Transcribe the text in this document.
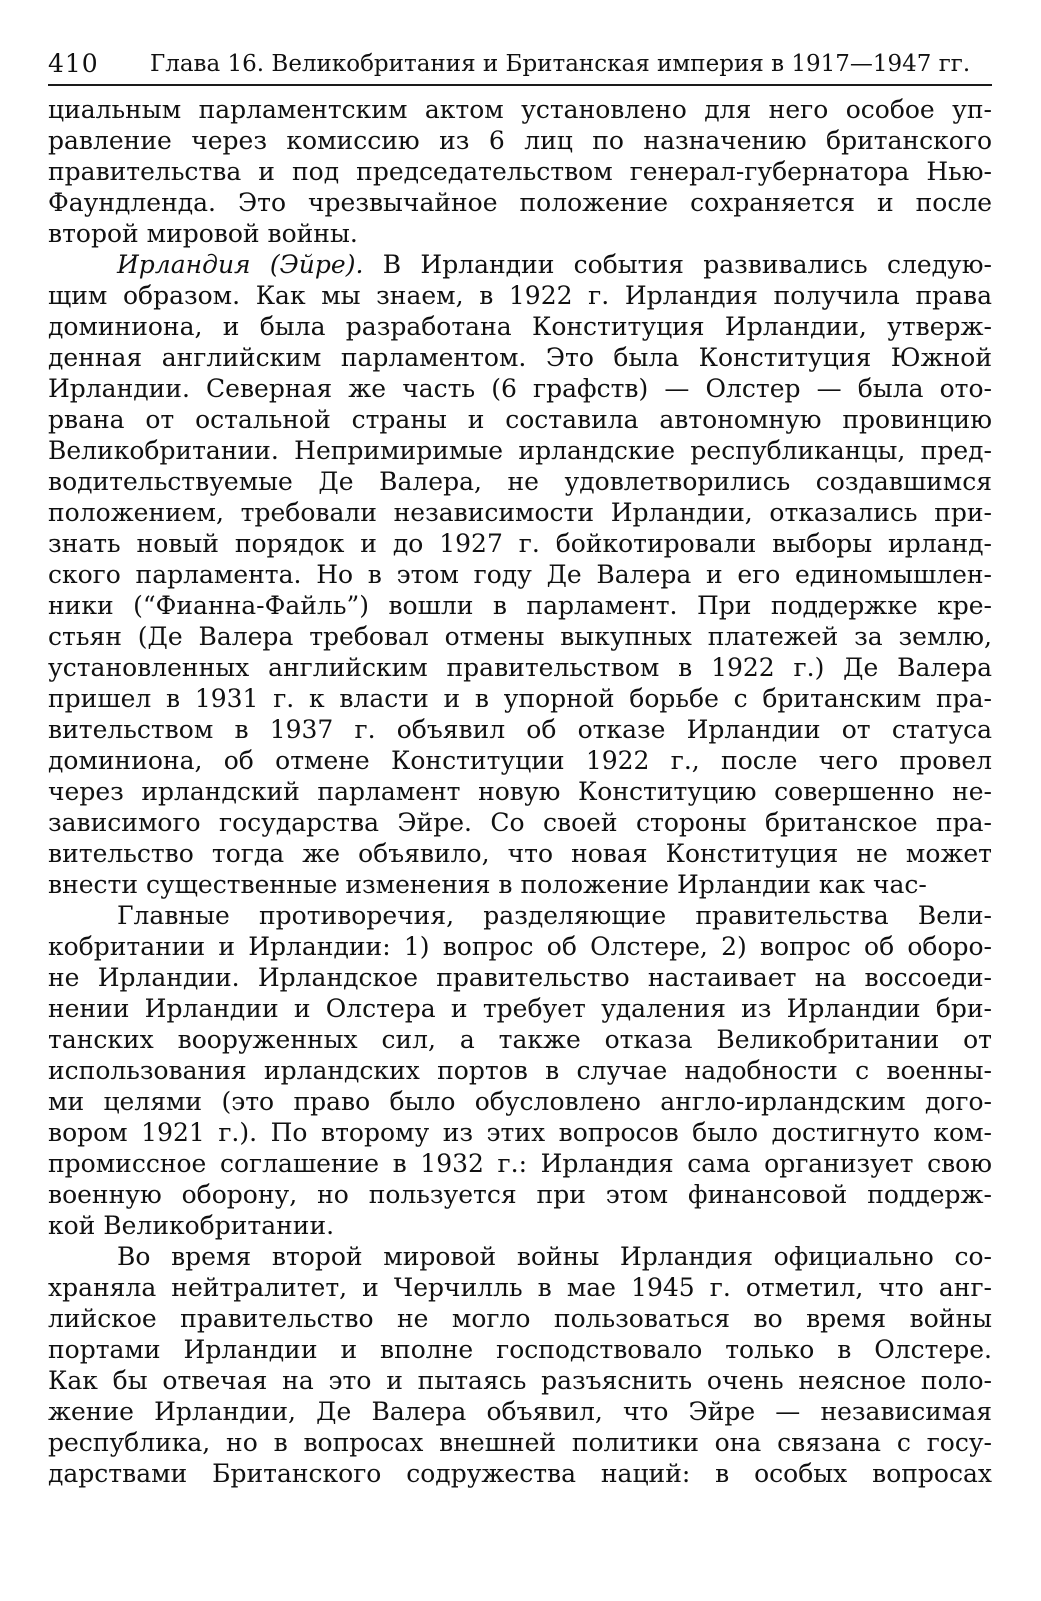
410 Глава 16. Великобритания и Британская империя в 1917—1947 гг.
циальным парламентским актом установлено для него особое уп-
равление через комиссию из 6 лиц по назначению британского
правительства и под председательством генерал-губернатора Нью-
Фаундленда. Это чрезвычайное положение сохраняется и после
второй мировой войны.
Ирландия (Эйре). В Ирландии события развивались следую-
щим образом. Как мы знаем, в 1922 г. Ирландия получила права
доминиона, и была разработана Конституция Ирландии, утверж-
денная английским парламентом. Это была Конституция Южной
Ирландии. Северная же часть (6 графств) — Олстер — была ото-
рвана от остальной страны и составила автономную провинцию
Великобритании. Непримиримые ирландские республиканцы, пред-
водительствуемые Де Валера, не удовлетворились создавшимся
положением, требовали независимости Ирландии, отказались при-
знать новый порядок и до 1927 г. бойкотировали выборы ирланд-
ского парламента. Но в этом году Де Валера и его единомышлен-
ники (“Фианна-Файль”) вошли в парламент. При поддержке кре-
стьян (Де Валера требовал отмены выкупных платежей за землю,
установленных английским правительством в 1922 г.) Де Валера
пришел в 1931 г. к власти и в упорной борьбе с британским пра-
вительством в 1937 г. объявил об отказе Ирландии от статуса
доминиона, об отмене Конституции 1922 г., после чего провел
через ирландский парламент новую Конституцию совершенно не-
зависимого государства Эйре. Со своей стороны британское пра-
вительство тогда же объявило, что новая Конституция не может
внести существенные изменения в положение Ирландии как час-
Главные противоречия, разделяющие правительства Вели-
кобритании и Ирландии: 1) вопрос об Олстере, 2) вопрос об оборо-
не Ирландии. Ирландское правительство настаивает на воссоеди-
нении Ирландии и Олстера и требует удаления из Ирландии бри-
танских вооруженных сил, а также отказа Великобритании от
использования ирландских портов в случае надобности с военны-
ми целями (это право было обусловлено англо-ирландским дого-
вором 1921 г.). По второму из этих вопросов было достигнуто ком-
промиссное соглашение в 1932 г.: Ирландия сама организует свою
военную оборону, но пользуется при этом финансовой поддерж-
кой Великобритании.
Во время второй мировой войны Ирландия официально со-
храняла нейтралитет, и Черчилль в мае 1945 г. отметил, что анг-
лийское правительство не могло пользоваться во время войны
портами Ирландии и вполне господствовало только в Олстере.
Как бы отвечая на это и пытаясь разъяснить очень неясное поло-
жение Ирландии, Де Валера объявил, что Эйре — независимая
республика, но в вопросах внешней политики она связана с госу-
дарствами Британского содружества наций: в особых вопросах
